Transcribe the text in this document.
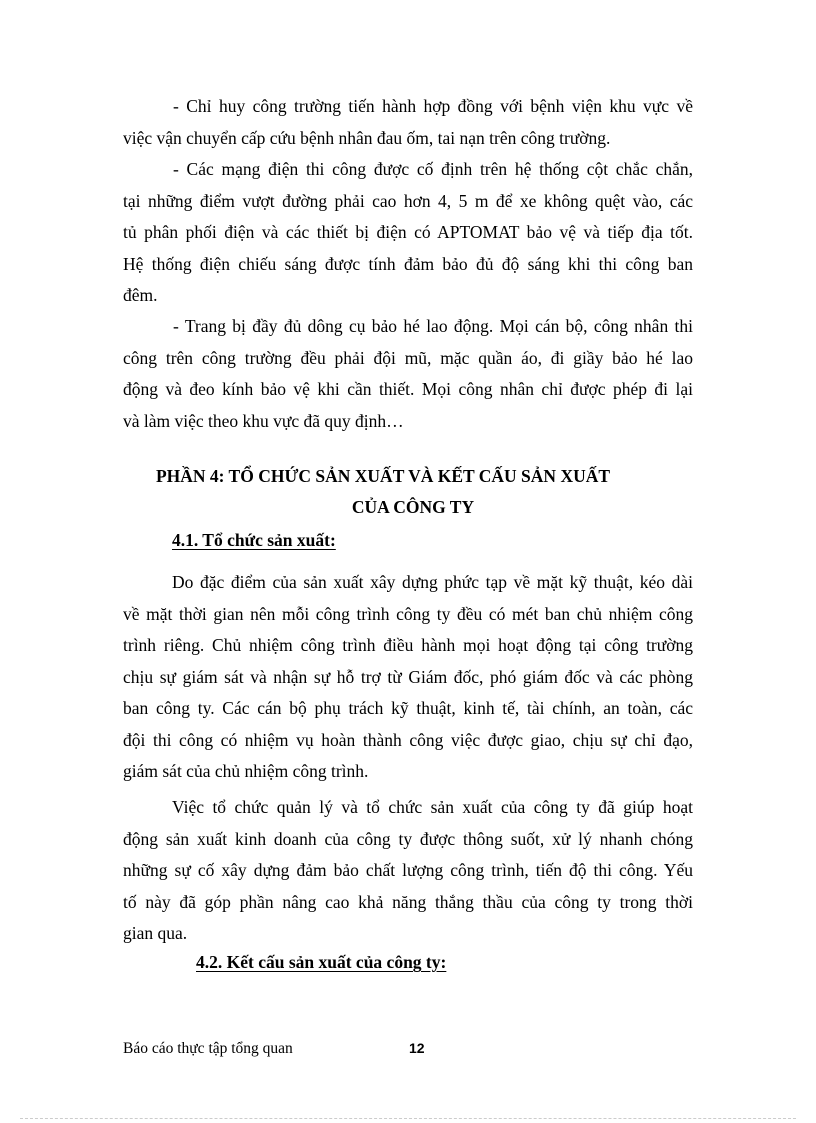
- Chỉ huy công trường tiến hành hợp đồng với bệnh viện khu vực về
việc vận chuyển cấp cứu bệnh nhân đau ốm, tai nạn trên công trường.
- Các mạng điện thi công được cố định trên hệ thống cột chắc chắn,
tại những điểm vượt đường phải cao hơn 4, 5 m để xe không quệt vào, các
tủ phân phối điện và các thiết bị điện có APTOMAT bảo vệ và tiếp địa tốt.
Hệ thống điện chiếu sáng được tính đảm bảo đủ độ sáng khi thi công ban
đêm.
- Trang bị đầy đủ dông cụ bảo hé lao động. Mọi cán bộ, công nhân thi
công trên công trường đều phải đội mũ, mặc quần áo, đi giầy bảo hé lao
động và đeo kính bảo vệ khi cần thiết. Mọi công nhân chỉ được phép đi lại
và làm việc theo khu vực đã quy định…
PHẦN 4: TỔ CHỨC SẢN XUẤT VÀ KẾT CẤU SẢN XUẤT
CỦA CÔNG TY
4.1. Tổ chức sản xuất:
Do đặc điểm của sản xuất xây dựng phức tạp về mặt kỹ thuật, kéo dài
về mặt thời gian nên mỗi công trình công ty đều có mét ban chủ nhiệm công
trình riêng. Chủ nhiệm công trình điều hành mọi hoạt động tại công trường
chịu sự giám sát và nhận sự hỗ trợ từ Giám đốc, phó giám đốc và các phòng
ban công ty. Các cán bộ phụ trách kỹ thuật, kinh tế, tài chính, an toàn, các
đội thi công có nhiệm vụ hoàn thành công việc được giao, chịu sự chỉ đạo,
giám sát của chủ nhiệm công trình.
Việc tổ chức quản lý và tổ chức sản xuất của công ty đã giúp hoạt
động sản xuất kinh doanh của công ty được thông suốt, xử lý nhanh chóng
những sự cố xây dựng đảm bảo chất lượng công trình, tiến độ thi công. Yếu
tố này đã góp phần nâng cao khả năng thắng thầu của công ty trong thời
gian qua.
4.2. Kết cấu sản xuất của công ty:
Báo cáo thực tập tổng quan	12
